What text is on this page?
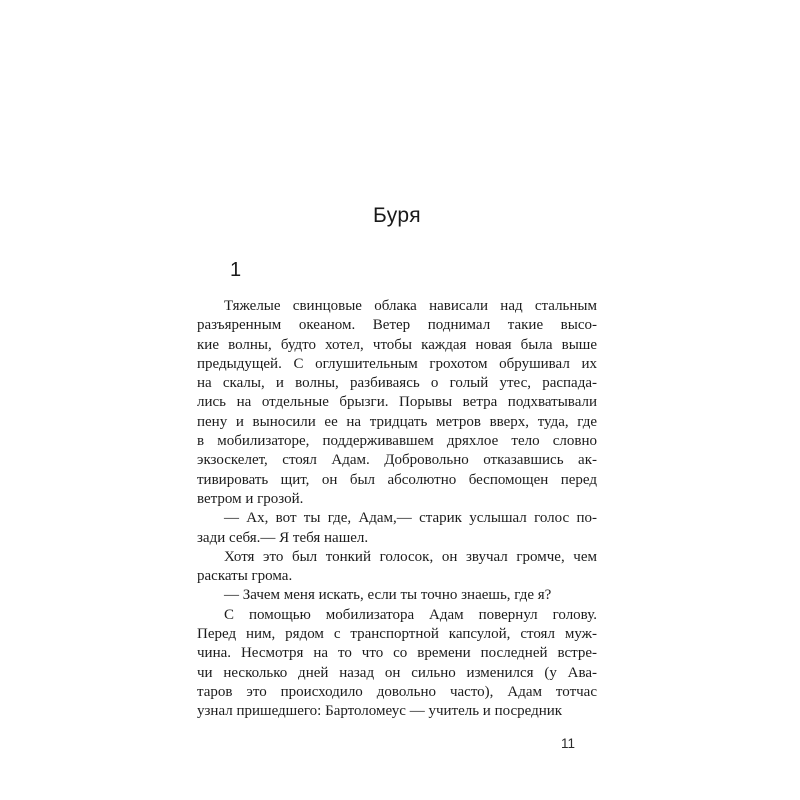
Буря
1
Тяжелые свинцовые облака нависали над стальным
разъяренным океаном. Ветер поднимал такие высо-
кие волны, будто хотел, чтобы каждая новая была выше
предыдущей. С оглушительным грохотом обрушивал их
на скалы, и волны, разбиваясь о голый утес, распада-
лись на отдельные брызги. Порывы ветра подхватывали
пену и выносили ее на тридцать метров вверх, туда, где
в мобилизаторе, поддерживавшем дряхлое тело словно
экзоскелет, стоял Адам. Добровольно отказавшись ак-
тивировать щит, он был абсолютно беспомощен перед
ветром и грозой.
— Ах, вот ты где, Адам,— старик услышал голос по-
зади себя.— Я тебя нашел.
Хотя это был тонкий голосок, он звучал громче, чем
раскаты грома.
— Зачем меня искать, если ты точно знаешь, где я?
С помощью мобилизатора Адам повернул голову.
Перед ним, рядом с транспортной капсулой, стоял муж-
чина. Несмотря на то что со времени последней встре-
чи несколько дней назад он сильно изменился (у Ава-
таров это происходило довольно часто), Адам тотчас
узнал пришедшего: Бартоломеус — учитель и посредник
11
